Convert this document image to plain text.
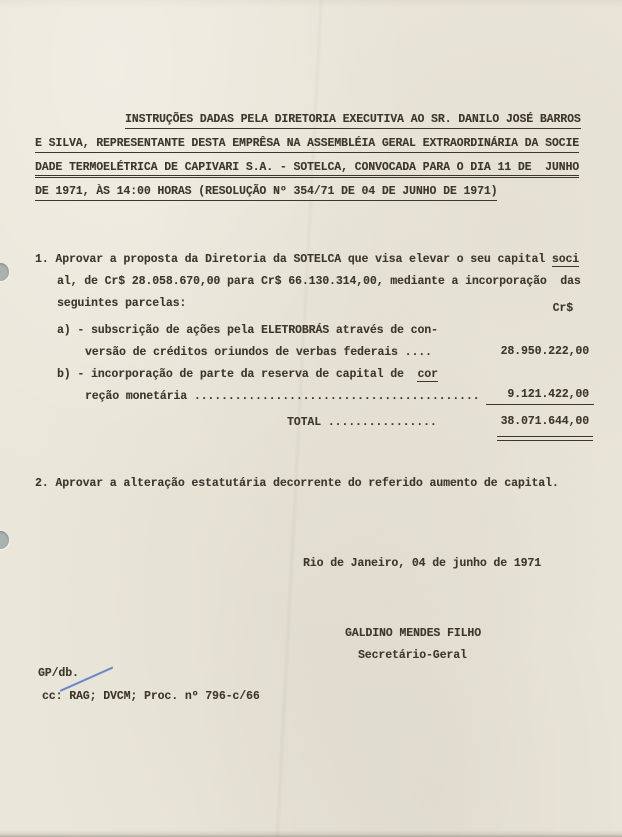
INSTRUÇÕES DADAS PELA DIRETORIA EXECUTIVA AO SR. DANILO JOSÉ BARROS
E SILVA, REPRESENTANTE DESTA EMPRÊSA NA ASSEMBLÉIA GERAL EXTRAORDINÁRIA DA SOCIE
DADE TERMOELÉTRICA DE CAPIVARI S.A. - SOTELCA, CONVOCADA PARA O DIA 11 DE  JUNHO
DE 1971, ÀS 14:00 HORAS (RESOLUÇÃO Nº 354/71 DE 04 DE JUNHO DE 1971)
1. Aprovar a proposta da Diretoria da SOTELCA que visa elevar o seu capital soci
al, de Cr$ 28.058.670,00 para Cr$ 66.130.314,00, mediante a incorporação  das
seguintes parcelas:	Cr$
a) - subscrição de ações pela ELETROBRÁS através de con-
versão de créditos oriundos de verbas federais ....	28.950.222,00
b) - incorporação de parte da reserva de capital de  cor
reção monetária .......................................... 9.121.422,00
TOTAL ................	38.071.644,00
2. Aprovar a alteração estatutária decorrente do referido aumento de capital.
Rio de Janeiro, 04 de junho de 1971
GALDINO MENDES FILHO
Secretário-Geral
GP/db.
cc: RAG; DVCM; Proc. nº 796-c/66
